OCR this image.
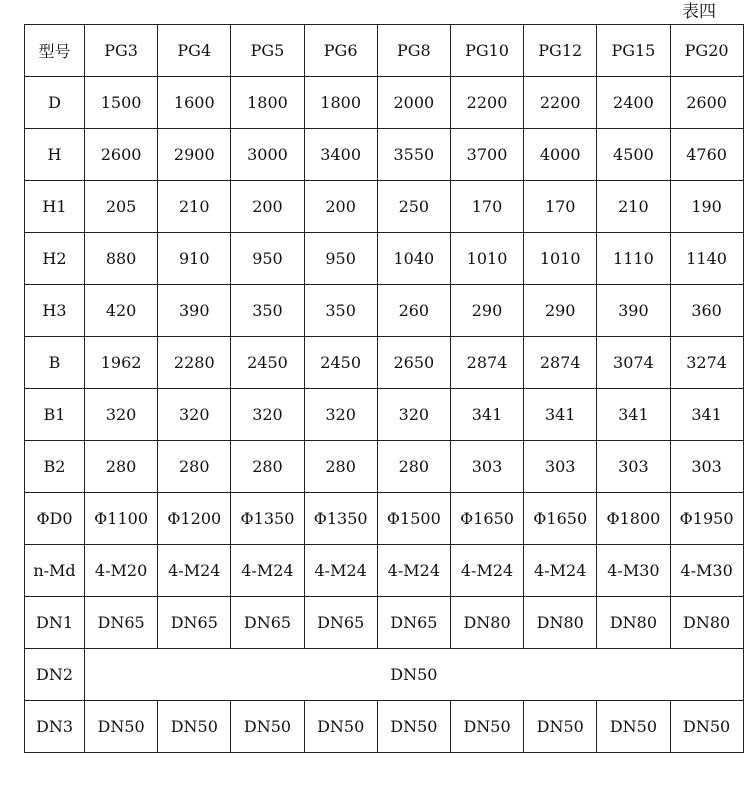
表四
型号	PG3	PG4	PG5	PG6	PG8	PG10	PG12	PG15	PG20
D	1500	1600	1800	1800	2000	2200	2200	2400	2600
H	2600	2900	3000	3400	3550	3700	4000	4500	4760
H1	205	210	200	200	250	170	170	210	190
H2	880	910	950	950	1040	1010	1010	1110	1140
H3	420	390	350	350	260	290	290	390	360
B	1962	2280	2450	2450	2650	2874	2874	3074	3274
B1	320	320	320	320	320	341	341	341	341
B2	280	280	280	280	280	303	303	303	303
ΦD0	Φ1100	Φ1200	Φ1350	Φ1350	Φ1500	Φ1650	Φ1650	Φ1800	Φ1950
n-Md	4-M20	4-M24	4-M24	4-M24	4-M24	4-M24	4-M24	4-M30	4-M30
DN1	DN65	DN65	DN65	DN65	DN65	DN80	DN80	DN80	DN80
DN2	DN50								
DN3	DN50	DN50	DN50	DN50	DN50	DN50	DN50	DN50	DN50
